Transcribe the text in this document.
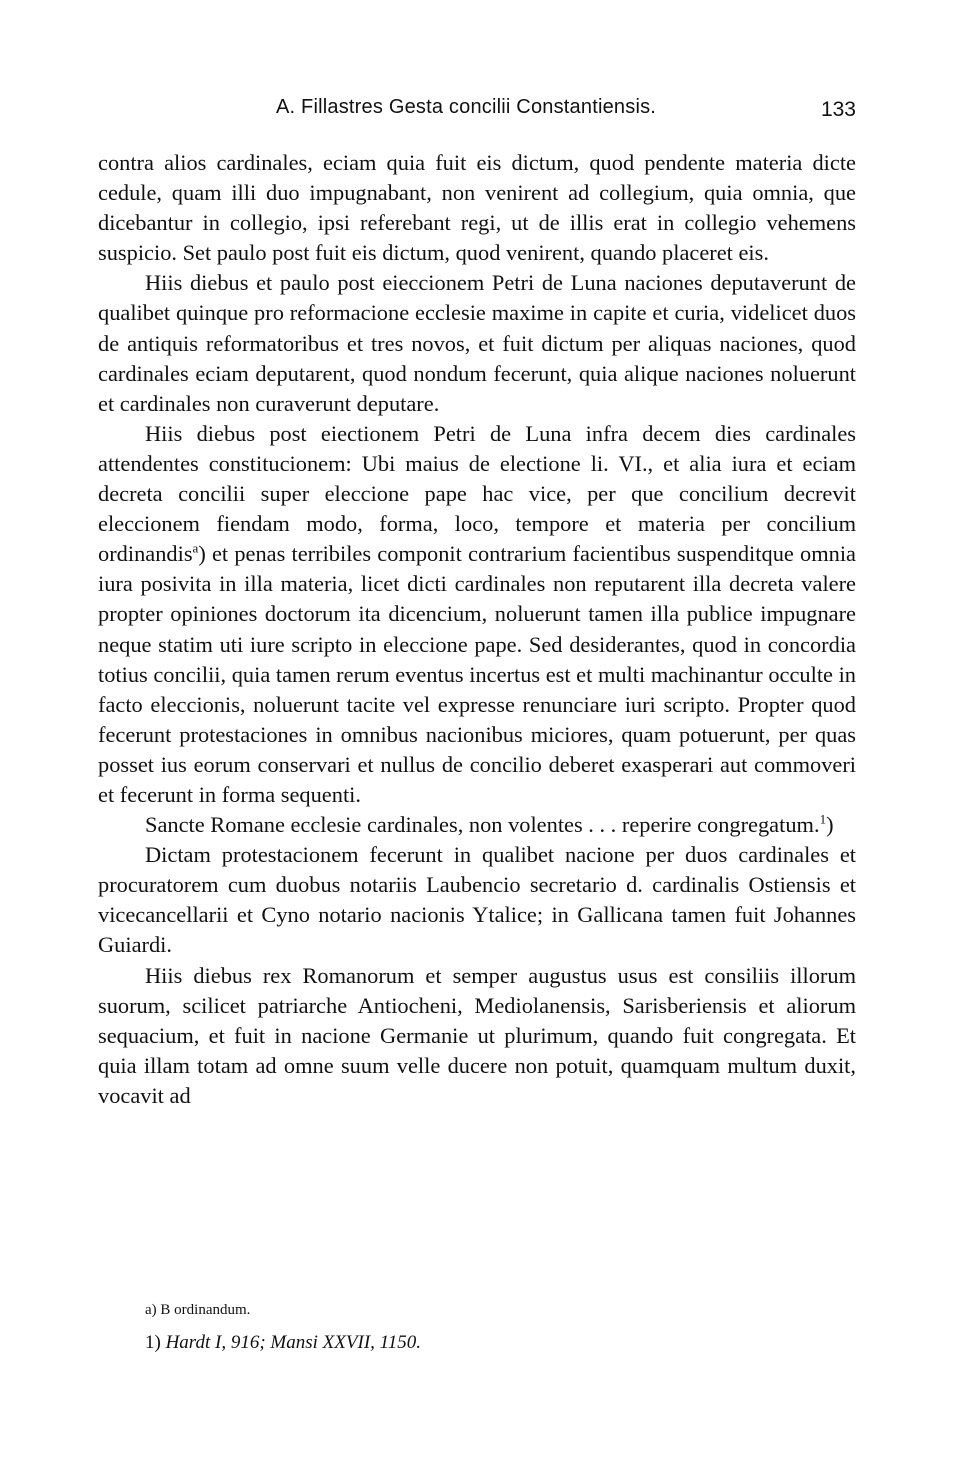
A. Fillastres Gesta concilii Constantiensis.	133

contra alios cardinales, eciam quia fuit eis dictum, quod pendente materia dicte cedule, quam illi duo impugnabant, non venirent ad collegium, quia omnia, que dicebantur in collegio, ipsi referebant regi, ut de illis erat in collegio vehemens suspicio. Set paulo post fuit eis dictum, quod venirent, quando placeret eis.

Hiis diebus et paulo post eieccionem Petri de Luna naciones deputaverunt de qualibet quinque pro reformacione ecclesie maxime in capite et curia, videlicet duos de antiquis reformatoribus et tres novos, et fuit dictum per aliquas naciones, quod cardinales eciam deputarent, quod nondum fecerunt, quia alique naciones noluerunt et cardinales non curaverunt deputare.

Hiis diebus post eiectionem Petri de Luna infra decem dies cardinales attendentes constitucionem: Ubi maius de electione li. VI., et alia iura et eciam decreta concilii super eleccione pape hac vice, per que concilium decrevit eleccionem fiendam modo, forma, loco, tempore et materia per concilium ordinandis$^a$) et penas terribiles componit contrarium facientibus suspenditque omnia iura posivita in illa materia, licet dicti cardinales non reputarent illa decreta valere propter opiniones doctorum ita dicencium, noluerunt tamen illa publice impugnare neque statim uti iure scripto in eleccione pape. Sed desiderantes, quod in concordia totius concilii, quia tamen rerum eventus incertus est et multi machinantur occulte in facto eleccionis, noluerunt tacite vel expresse renunciare iuri scripto. Propter quod fecerunt protestaciones in omnibus nacionibus miciores, quam potuerunt, per quas posset ius eorum conservari et nullus de concilio deberet exasperari aut commoveri et fecerunt in forma sequenti.

Sancte Romane ecclesie cardinales, non volentes . . . reperire congregatum.$^1$)

Dictam protestacionem fecerunt in qualibet nacione per duos cardinales et procuratorem cum duobus notariis Laubencio secretario d. cardinalis Ostiensis et vicecancellarii et Cyno notario nacionis Ytalice; in Gallicana tamen fuit Johannes Guiardi.

Hiis diebus rex Romanorum et semper augustus usus est consiliis illorum suorum, scilicet patriarche Antiocheni, Mediolanensis, Sarisberiensis et aliorum sequacium, et fuit in nacione Germanie ut plurimum, quando fuit congregata. Et quia illam totam ad omne suum velle ducere non potuit, quamquam multum duxit, vocavit ad

a) B ordinandum.
1) Hardt I, 916; Mansi XXVII, 1150.
